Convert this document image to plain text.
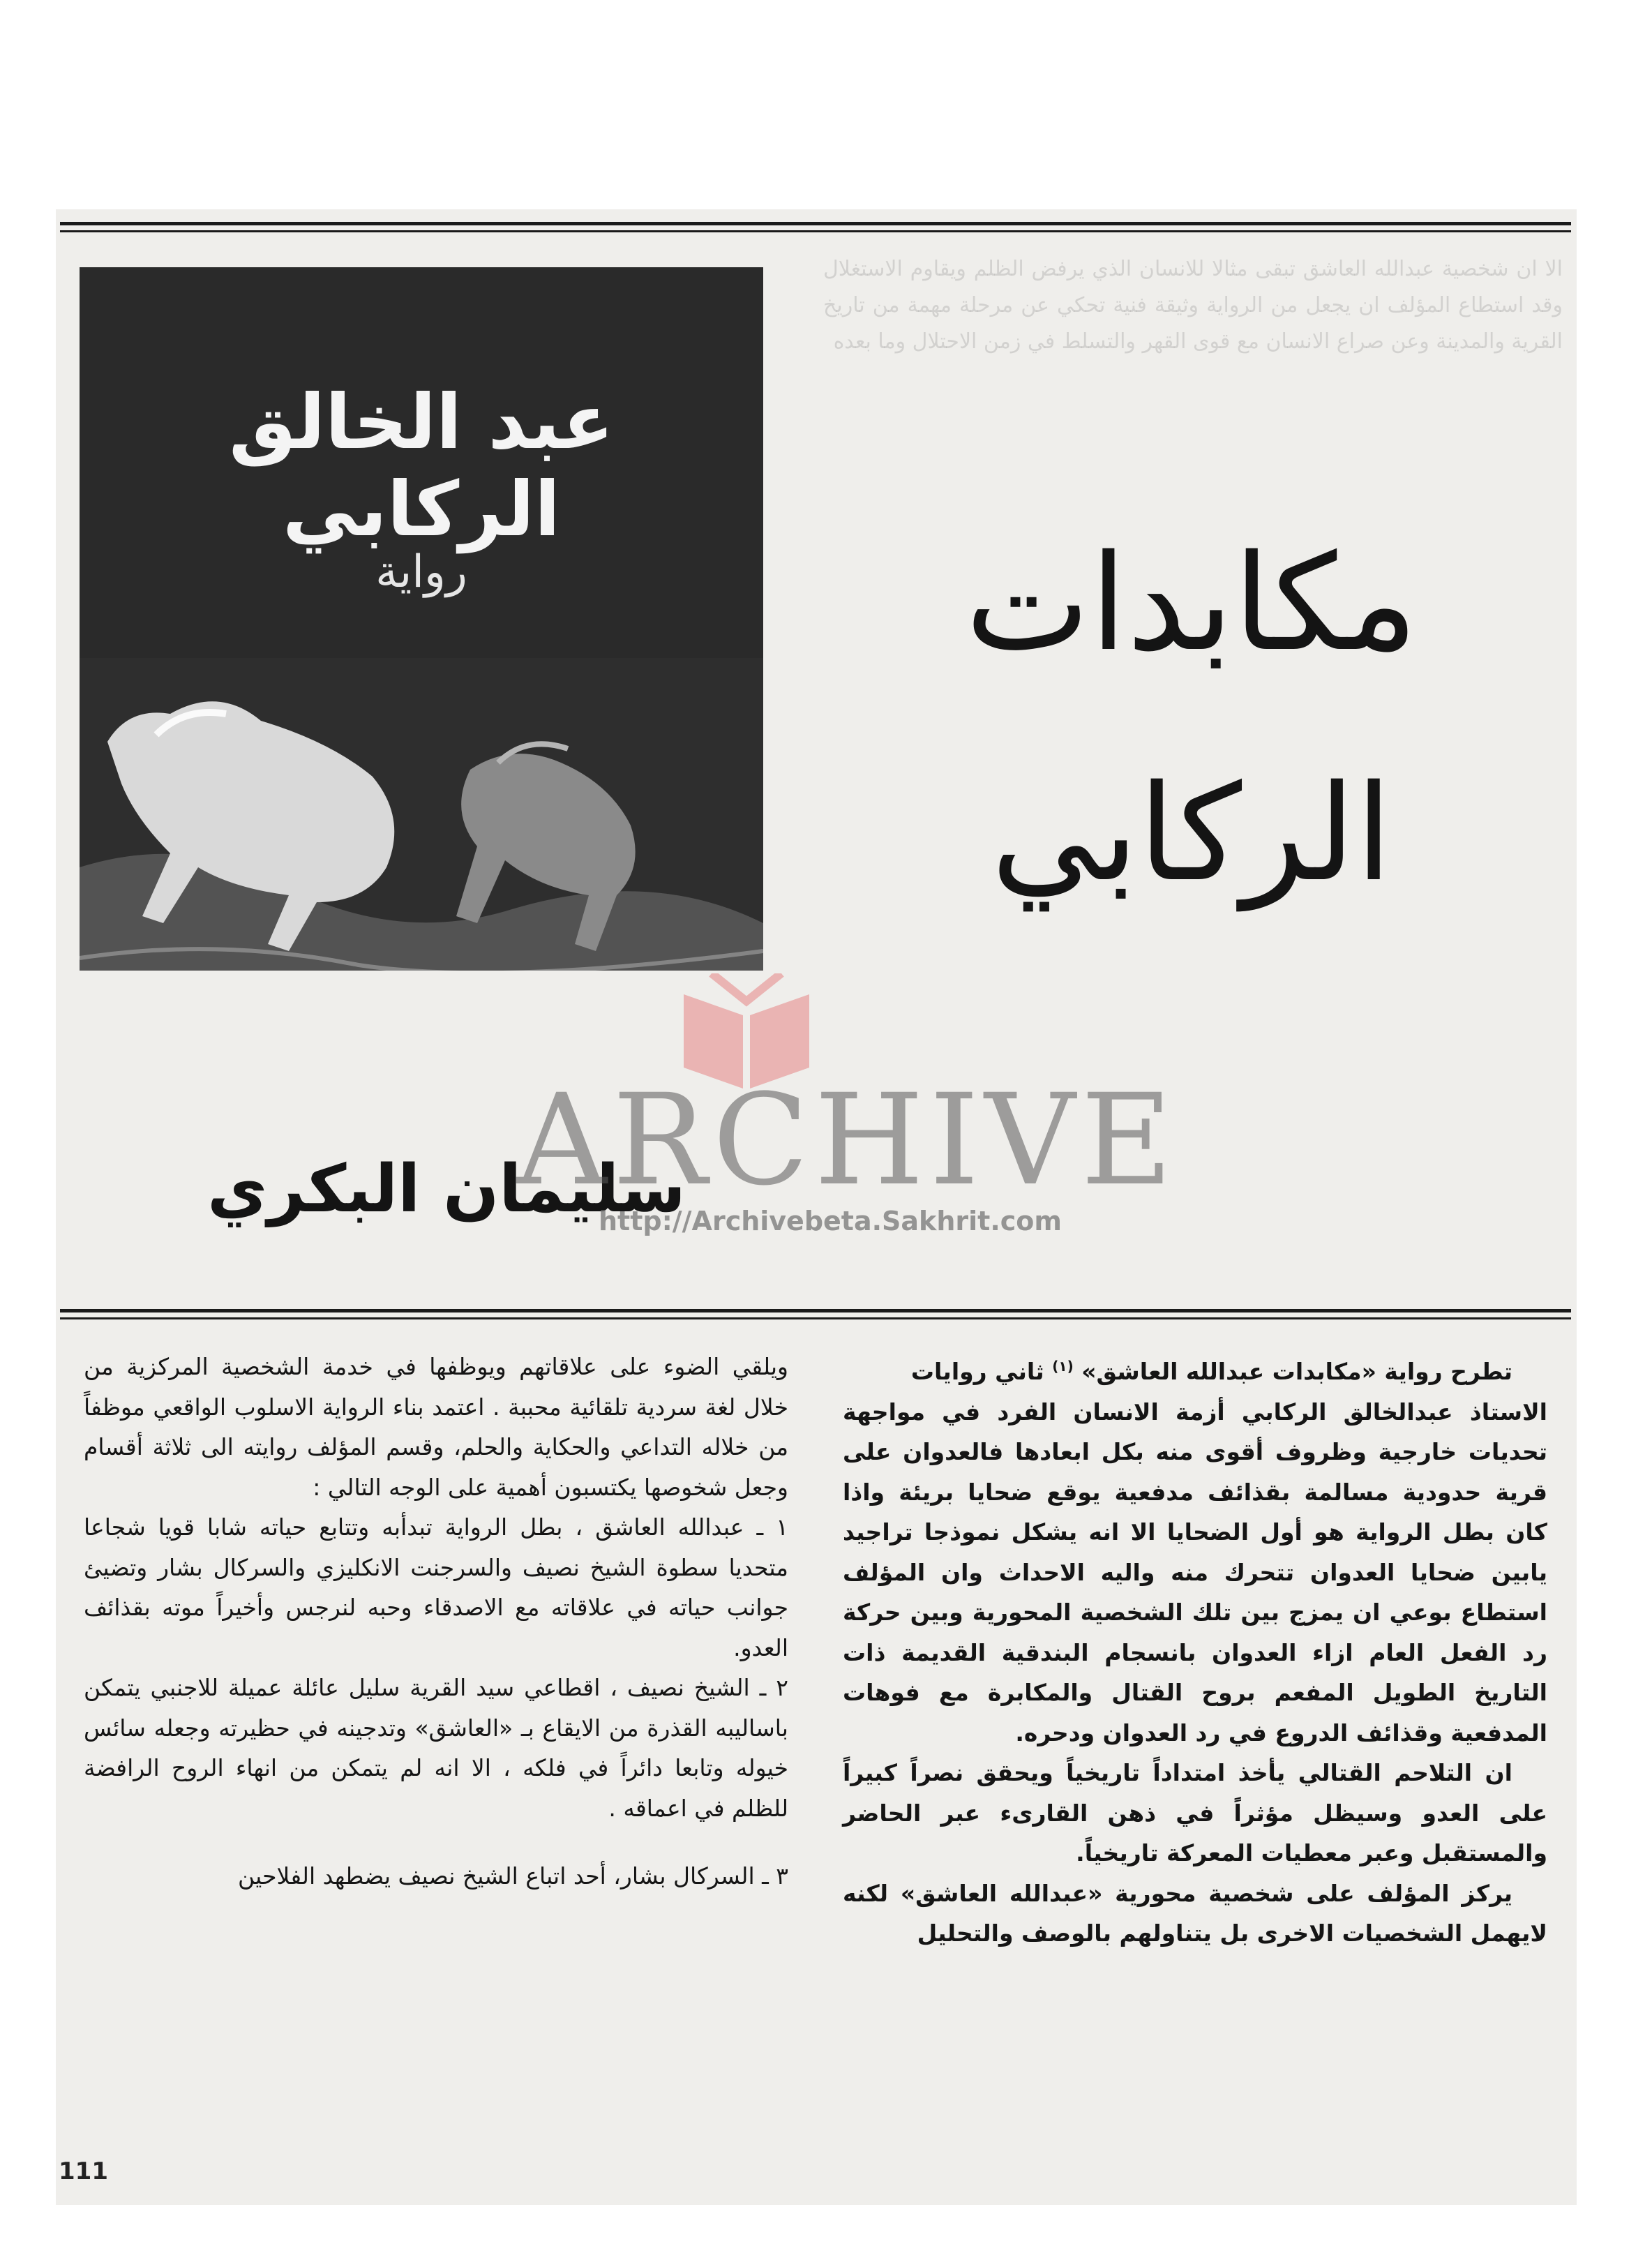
الا ان شخصية عبدالله العاشق تبقى مثالا للانسان الذي يرفض الظلم ويقاوم الاستغلال وقد استطاع المؤلف ان يجعل من الرواية وثيقة فنية تحكي عن مرحلة مهمة من تاريخ القرية والمدينة وعن صراع الانسان مع قوى القهر والتسلط في زمن الاحتلال وما بعده
عبد الخالق الركابي
رواية	مكابدات
الركابي
سليمان البكري
ARCHIVE
http://Archivebeta.Sakhrit.com

تطرح رواية «مكابدات عبدالله العاشق» $^{(١)}$ ثاني روايات

الاستاذ عبدالخالق الركابي أزمة الانسان الفرد في مواجهة تحديات خارجية وظروف أقوى منه بكل ابعادها فالعدوان على قرية حدودية مسالمة بقذائف مدفعية يوقع ضحايا بريئة واذا كان بطل الرواية هو أول الضحايا الا انه يشكل نموذجا تراجيد يابين ضحايا العدوان تتحرك منه واليه الاحداث وان المؤلف استطاع بوعي ان يمزج بين تلك الشخصية المحورية وبين حركة رد الفعل العام ازاء العدوان بانسجام البندقية القديمة ذات التاريخ الطويل المفعم بروح القتال والمكابرة مع فوهات المدفعية وقذائف الدروع في رد العدوان ودحره.

ان التلاحم القتالي يأخذ امتداداً تاريخياً ويحقق نصراً كبيراً على العدو وسيظل مؤثراً في ذهن القارىء عبر الحاضر والمستقبل وعبر معطيات المعركة تاريخياً.

يركز المؤلف على شخصية محورية «عبدالله العاشق» لكنه لايهمل الشخصيات الاخرى بل يتناولهم بالوصف والتحليل

ويلقي الضوء على علاقاتهم ويوظفها في خدمة الشخصية المركزية من خلال لغة سردية تلقائية محببة . اعتمد بناء الرواية الاسلوب الواقعي موظفاً من خلاله التداعي والحكاية والحلم، وقسم المؤلف روايته الى ثلاثة أقسام وجعل شخوصها يكتسبون أهمية على الوجه التالي :

١ ـ عبدالله العاشق ، بطل الرواية تبدأبه وتتابع حياته شابا قويا شجاعا متحديا سطوة الشيخ نصيف والسرجنت الانكليزي والسركال بشار وتضيئ جوانب حياته في علاقاته مع الاصدقاء وحبه لنرجس وأخيراً موته بقذائف العدو.

٢ ـ الشيخ نصيف ، اقطاعي سيد القرية سليل عائلة عميلة للاجنبي يتمكن باساليبه القذرة من الايقاع بـ «العاشق» وتدجينه في حظيرته وجعله سائس خيوله وتابعا دائراً في فلكه ، الا انه لم يتمكن من انهاء الروح الرافضة للظلم في اعماقه .

٣ ـ السركال بشار، أحد اتباع الشيخ نصيف يضطهد الفلاحين

111
